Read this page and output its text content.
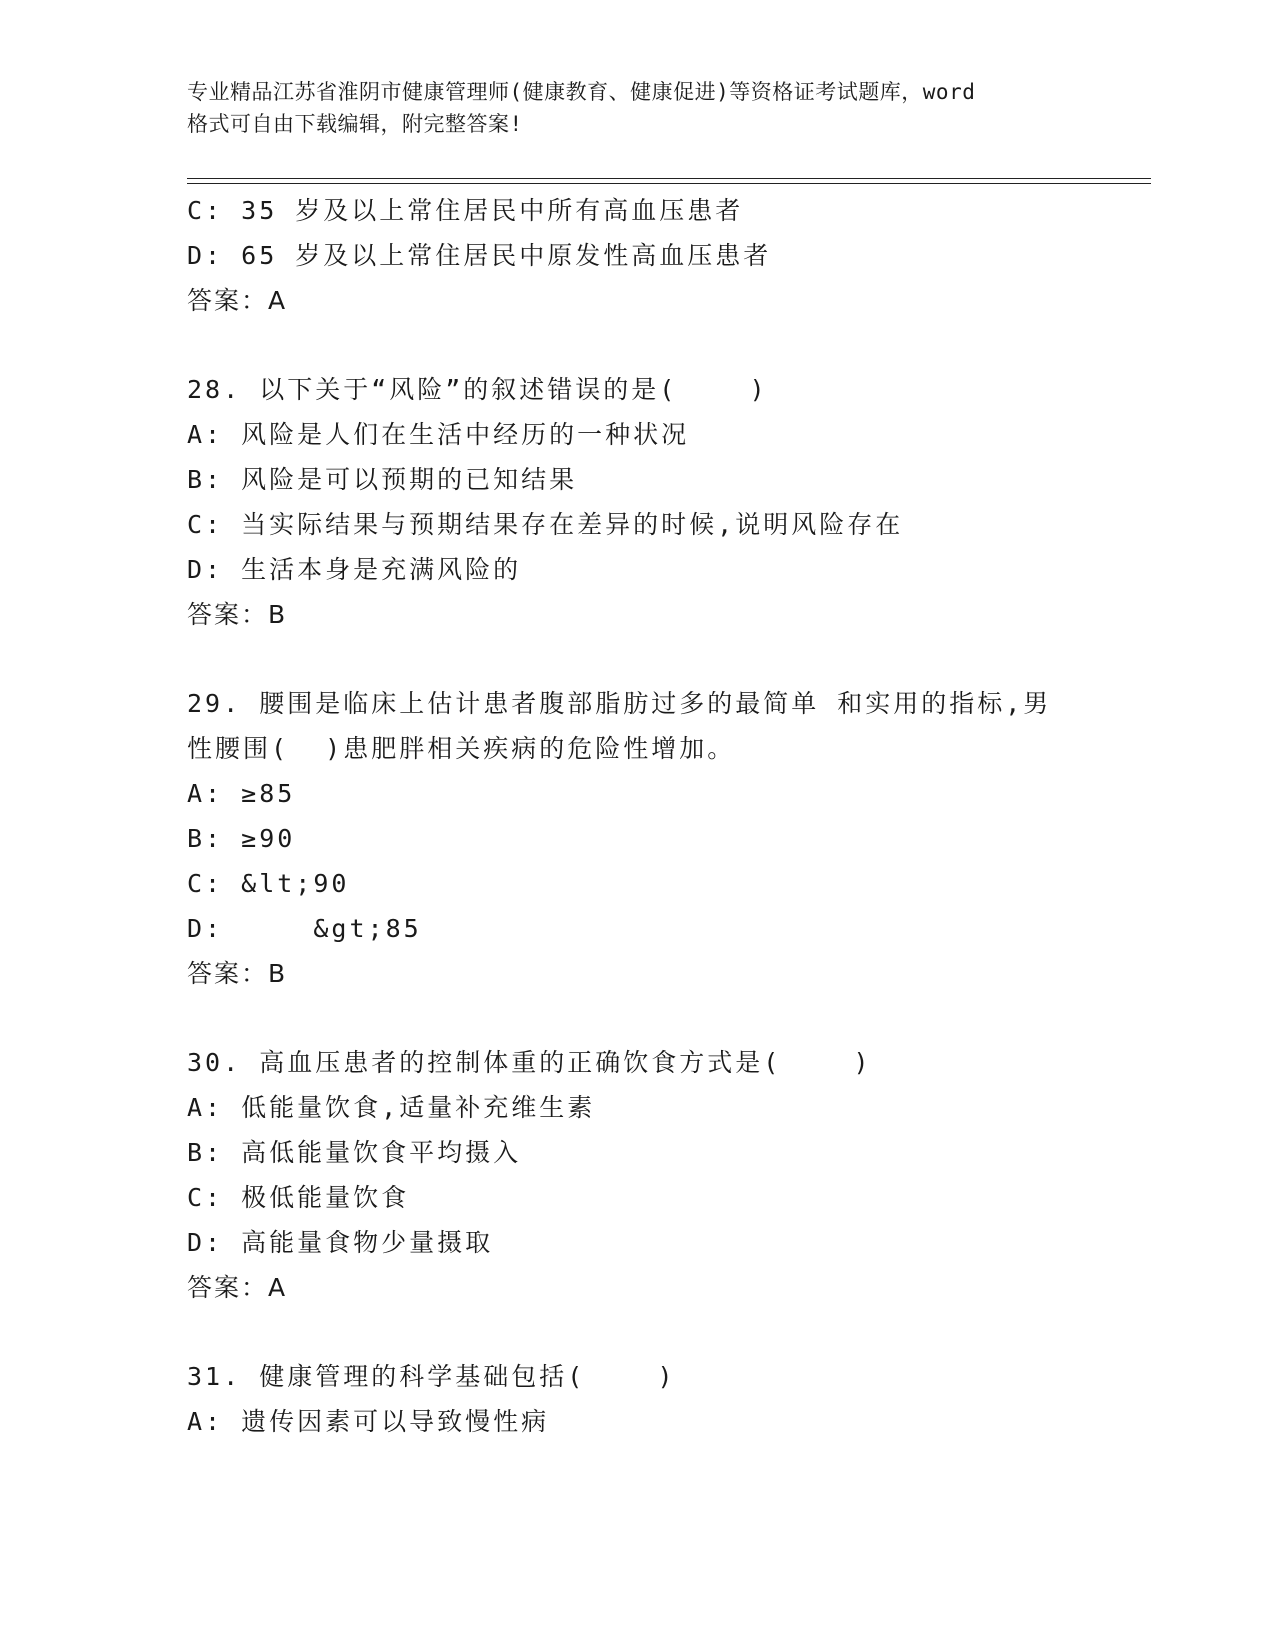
专业精品江苏省淮阴市健康管理师(健康教育、健康促进)等资格证考试题库，word
格式可自由下载编辑，附完整答案!
C: 35 岁及以上常住居民中所有高血压患者
D: 65 岁及以上常住居民中原发性高血压患者
答案：A
28. 以下关于“风险”的叙述错误的是(    )
A: 风险是人们在生活中经历的一种状况
B: 风险是可以预期的已知结果
C: 当实际结果与预期结果存在差异的时候,说明风险存在
D: 生活本身是充满风险的
答案：B
29. 腰围是临床上估计患者腹部脂肪过多的最简单 和实用的指标,男
性腰围(  )患肥胖相关疾病的危险性增加。
A: ≥85
B: ≥90
C: &lt;90
D:     &gt;85
答案：B
30. 高血压患者的控制体重的正确饮食方式是(    )
A: 低能量饮食,适量补充维生素
B: 高低能量饮食平均摄入
C: 极低能量饮食
D: 高能量食物少量摄取
答案：A
31. 健康管理的科学基础包括(    )
A: 遗传因素可以导致慢性病
